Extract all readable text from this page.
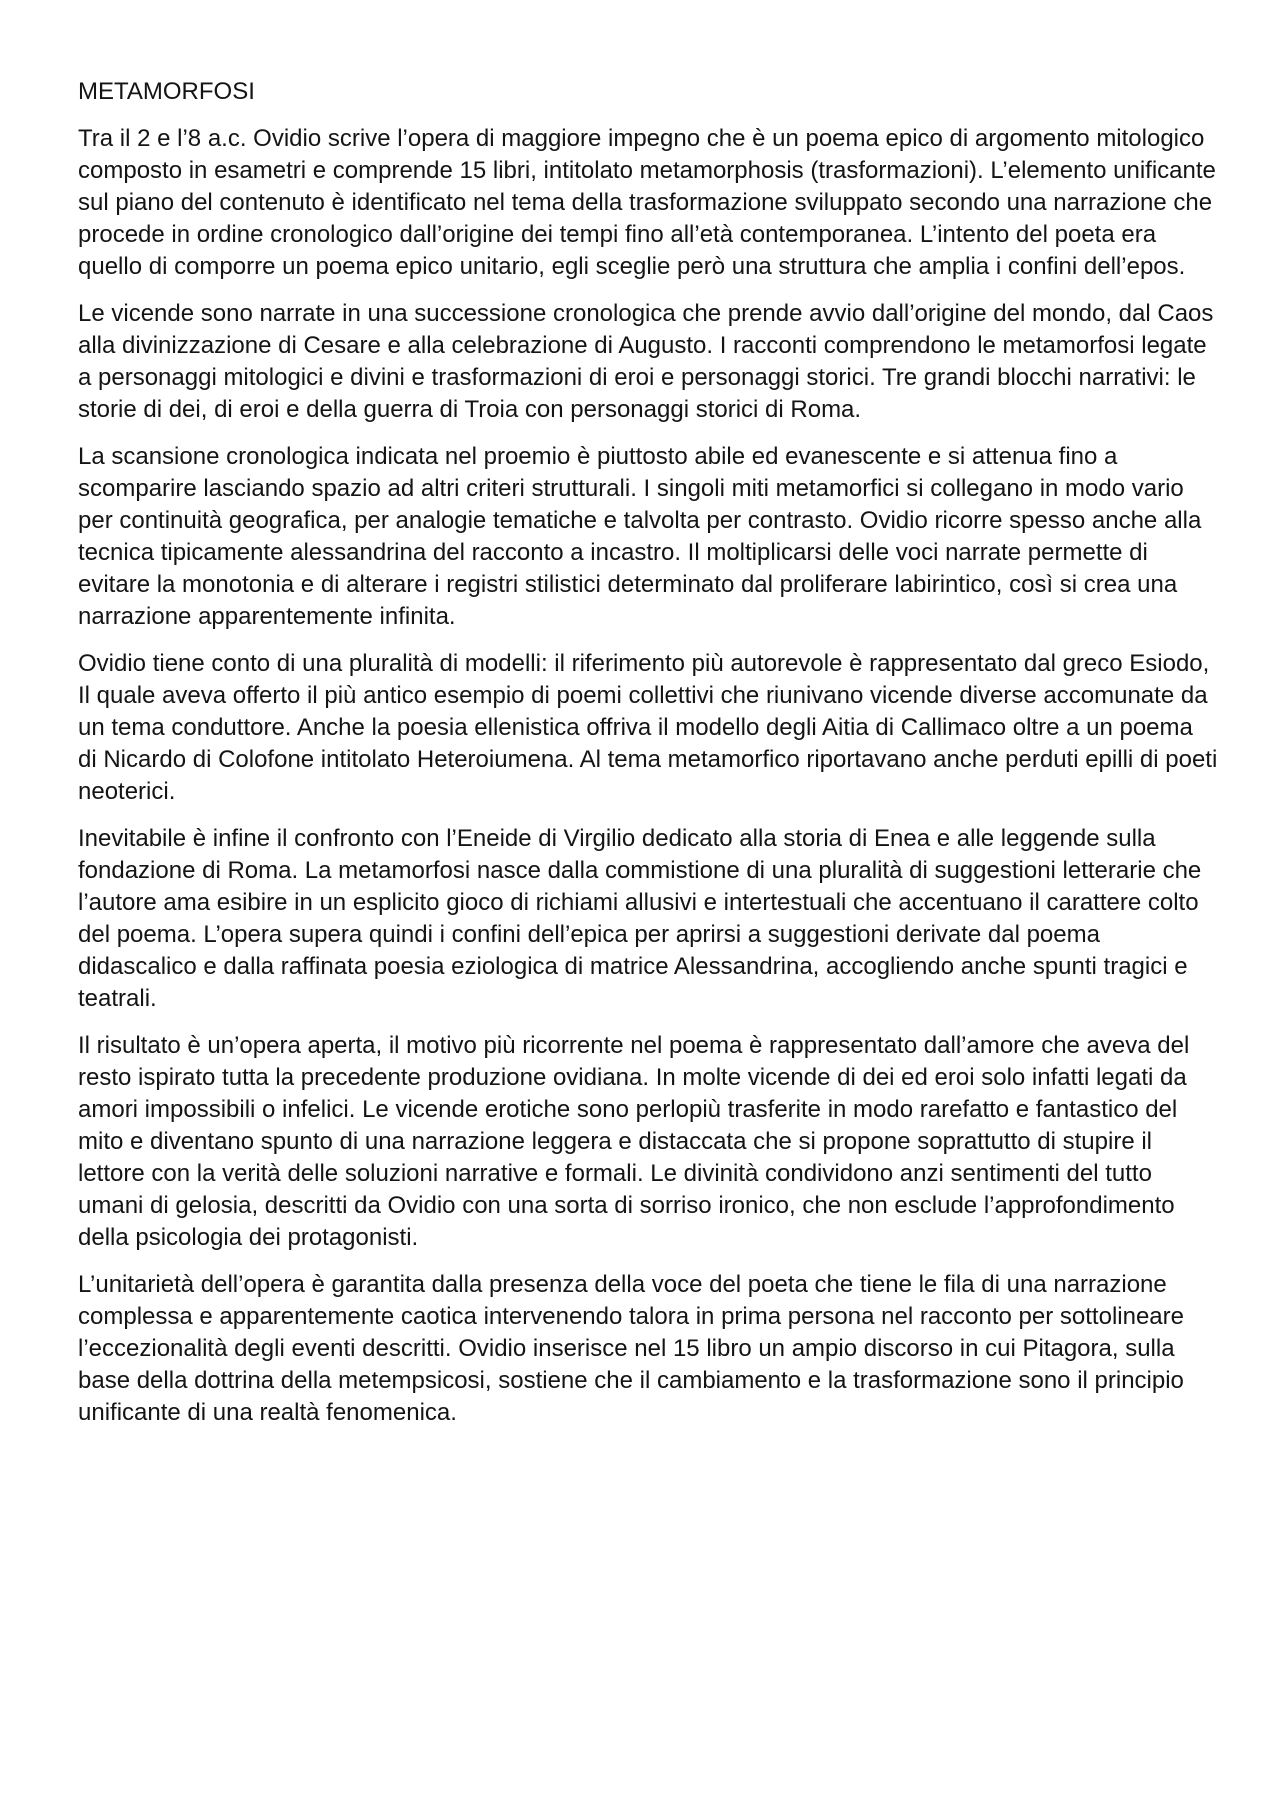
METAMORFOSI

Tra il 2 e l’8 a.c. Ovidio scrive l’opera di maggiore impegno che è un poema epico di argomento mitologico composto in esametri e comprende 15 libri, intitolato metamorphosis (trasformazioni). L’elemento unificante sul piano del contenuto è identificato nel tema della trasformazione sviluppato secondo una narrazione che procede in ordine cronologico dall’origine dei tempi fino all’età contemporanea. L’intento del poeta era quello di comporre un poema epico unitario, egli sceglie però una struttura che amplia i confini dell’epos.

Le vicende sono narrate in una successione cronologica che prende avvio dall’origine del mondo, dal Caos alla divinizzazione di Cesare e alla celebrazione di Augusto. I racconti comprendono le metamorfosi legate a personaggi mitologici e divini e trasformazioni di eroi e personaggi storici. Tre grandi blocchi narrativi: le storie di dei, di eroi e della guerra di Troia con personaggi storici di Roma.

La scansione cronologica indicata nel proemio è piuttosto abile ed evanescente e si attenua fino a scomparire lasciando spazio ad altri criteri strutturali. I singoli miti metamorfici si collegano in modo vario per continuità geografica, per analogie tematiche e talvolta per contrasto. Ovidio ricorre spesso anche alla tecnica tipicamente alessandrina del racconto a incastro. Il moltiplicarsi delle voci narrate permette di evitare la monotonia e di alterare i registri stilistici determinato dal proliferare labirintico, così si crea una narrazione apparentemente infinita.

Ovidio tiene conto di una pluralità di modelli: il riferimento più autorevole è rappresentato dal greco Esiodo, Il quale aveva offerto il più antico esempio di poemi collettivi che riunivano vicende diverse accomunate da un tema conduttore. Anche la poesia ellenistica offriva il modello degli Aitia di Callimaco oltre a un poema di Nicardo di Colofone intitolato Heteroiumena. Al tema metamorfico riportavano anche perduti epilli di poeti neoterici.

Inevitabile è infine il confronto con l’Eneide di Virgilio dedicato alla storia di Enea e alle leggende sulla fondazione di Roma. La metamorfosi nasce dalla commistione di una pluralità di suggestioni letterarie che l’autore ama esibire in un esplicito gioco di richiami allusivi e intertestuali che accentuano il carattere colto del poema. L’opera supera quindi i confini dell’epica per aprirsi a suggestioni derivate dal poema didascalico e dalla raffinata poesia eziologica di matrice Alessandrina, accogliendo anche spunti tragici e teatrali.

Il risultato è un’opera aperta, il motivo più ricorrente nel poema è rappresentato dall’amore che aveva del resto ispirato tutta la precedente produzione ovidiana. In molte vicende di dei ed eroi solo infatti legati da amori impossibili o infelici. Le vicende erotiche sono perlopiù trasferite in modo rarefatto e fantastico del mito e diventano spunto di una narrazione leggera e distaccata che si propone soprattutto di stupire il lettore con la verità delle soluzioni narrative e formali. Le divinità condividono anzi sentimenti del tutto umani di gelosia, descritti da Ovidio con una sorta di sorriso ironico, che non esclude l’approfondimento della psicologia dei protagonisti.

L’unitarietà dell’opera è garantita dalla presenza della voce del poeta che tiene le fila di una narrazione complessa e apparentemente caotica intervenendo talora in prima persona nel racconto per sottolineare l’eccezionalità degli eventi descritti. Ovidio inserisce nel 15 libro un ampio discorso in cui Pitagora, sulla base della dottrina della metempsicosi, sostiene che il cambiamento e la trasformazione sono il principio unificante di una realtà fenomenica.
